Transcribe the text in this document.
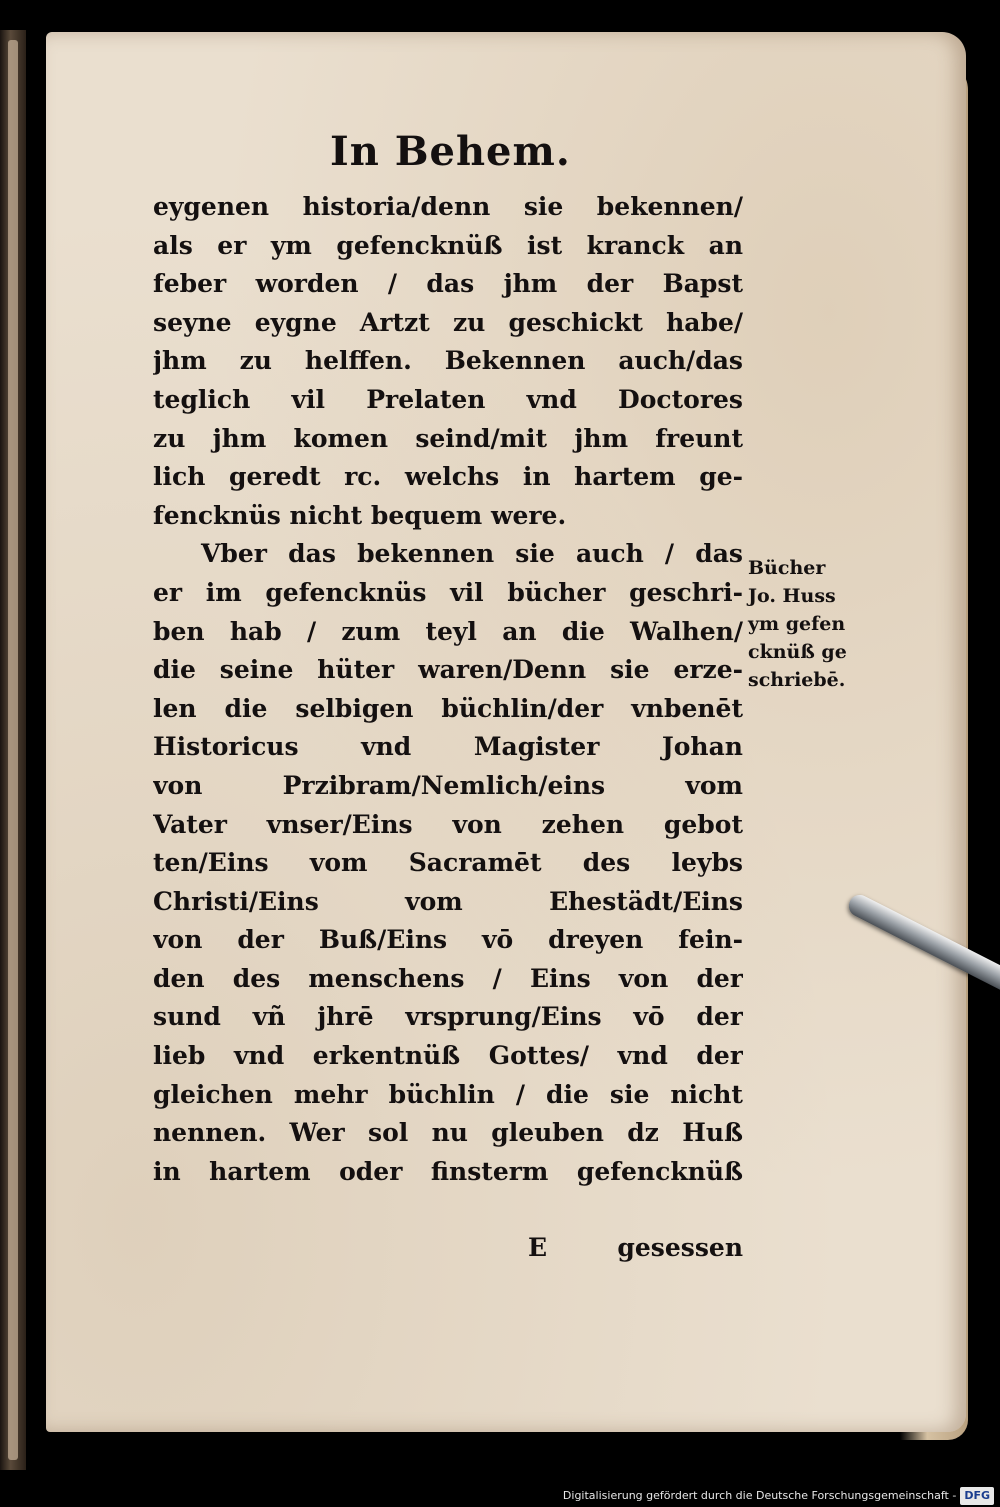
In Behem.
eygenen historia/denn sie bekennen/
als er ym gefencknüß ist kranck an
feber worden / das jhm der Bapst
seyne eygne Artzt zu geschickt habe/
jhm zu helffen. Bekennen auch/das
teglich vil Prelaten vnd Doctores
zu jhm komen seind/mit jhm freunt
lich geredt rc. welchs in hartem ge-
fencknüs nicht bequem were.
Vber das bekennen sie auch / das
er im gefencknüs vil bücher geschri-
ben hab / zum teyl an die Walhen/
die seine hüter waren/Denn sie erze-
len die selbigen büchlin/der vnbenēt
Historicus vnd Magister Johan
von Przibram/Nemlich/eins vom
Vater vnser/Eins von zehen gebot
ten/Eins vom Sacramēt des leybs
Christi/Eins vom Ehestädt/Eins
von der Buß/Eins vō dreyen fein-
den des menschens / Eins von der
sund vñ jhrē vrsprung/Eins vō der
lieb vnd erkentnüß Gottes/ vnd der
gleichen mehr büchlin / die sie nicht
nennen. Wer sol nu gleuben dz Huß
in hartem oder finsterm gefencknüß
E	gesessen
Bücher
Jo. Huss
ym gefen
cknüß ge
schriebē.
Digitalisierung gefördert durch die Deutsche Forschungsgemeinschaft - DFG
